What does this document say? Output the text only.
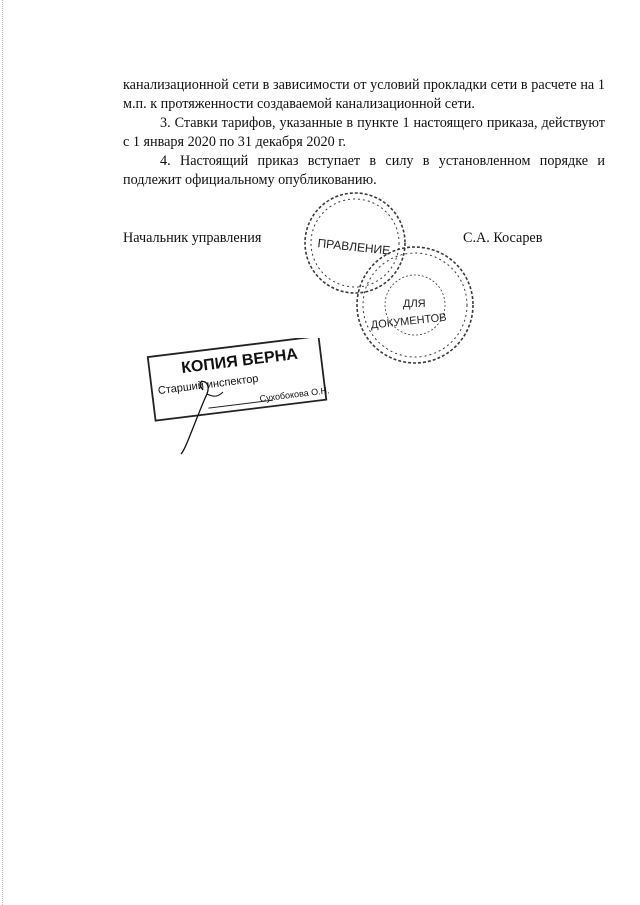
канализационной сети в зависимости от условий прокладки сети в расчете на 1 м.п. к протяженности создаваемой канализационной сети.

3. Ставки тарифов, указанные в пункте 1 настоящего приказа, действуют с 1 января 2020 по 31 декабря 2020 г.

4. Настоящий приказ вступает в силу в установленном порядке и подлежит официальному опубликованию.

Начальник управления	С.А. Косарев
ПРАВЛЕНИЕ
ДЛЯ
ДОКУМЕНТОВ
КОПИЯ ВЕРНА
Старший инспектор Сухобокова О.Н.
